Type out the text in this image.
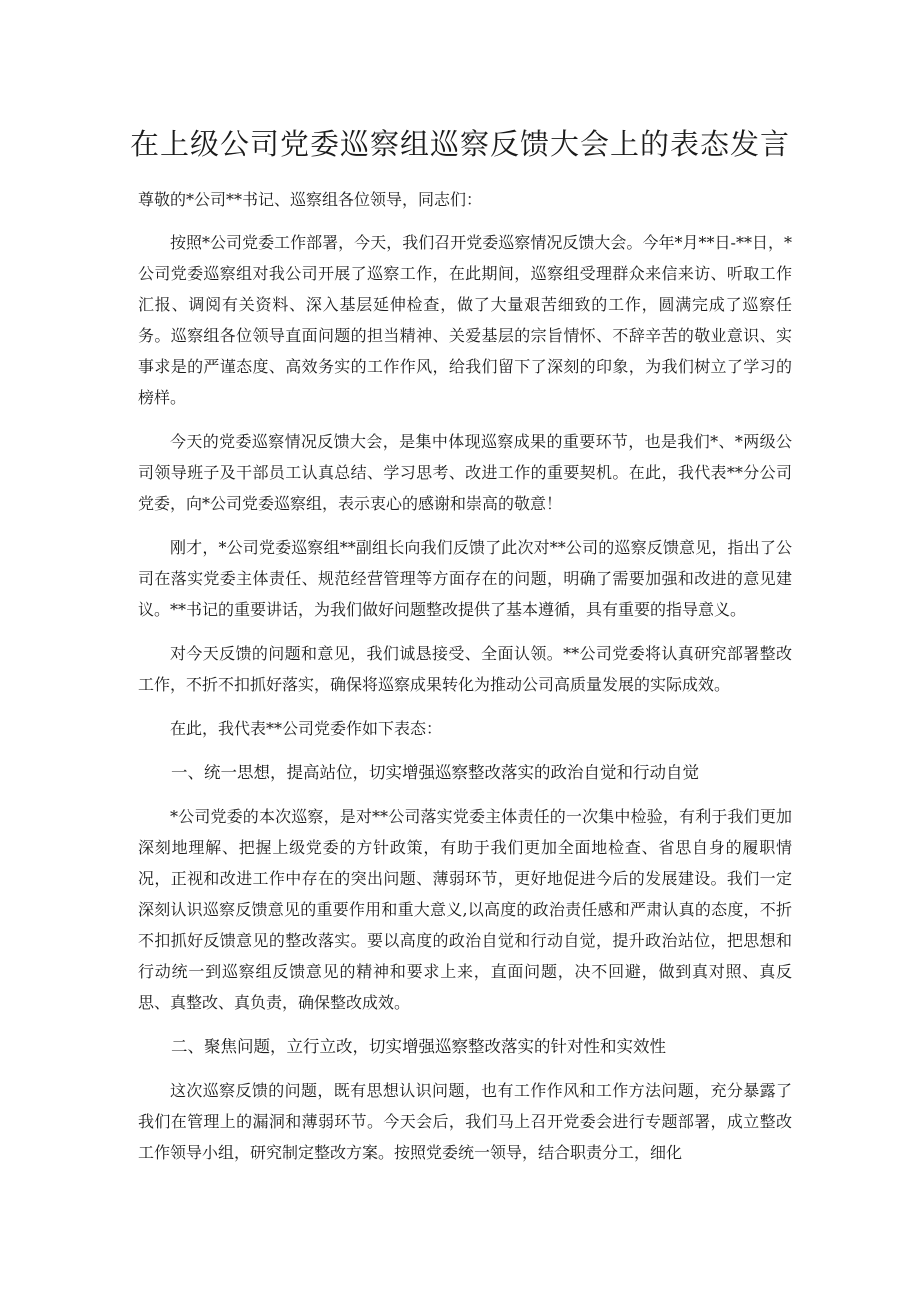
在上级公司党委巡察组巡察反馈大会上的表态发言

尊敬的*公司**书记、巡察组各位领导，同志们：

按照*公司党委工作部署，今天，我们召开党委巡察情况反馈大会。今年*月**日-**日，*公司党委巡察组对我公司开展了巡察工作，在此期间，巡察组受理群众来信来访、听取工作汇报、调阅有关资料、深入基层延伸检查，做了大量艰苦细致的工作，圆满完成了巡察任务。巡察组各位领导直面问题的担当精神、关爱基层的宗旨情怀、不辞辛苦的敬业意识、实事求是的严谨态度、高效务实的工作作风，给我们留下了深刻的印象，为我们树立了学习的榜样。

今天的党委巡察情况反馈大会，是集中体现巡察成果的重要环节，也是我们*、*两级公司领导班子及干部员工认真总结、学习思考、改进工作的重要契机。在此，我代表**分公司党委，向*公司党委巡察组，表示衷心的感谢和崇高的敬意！

刚才，*公司党委巡察组**副组长向我们反馈了此次对**公司的巡察反馈意见，指出了公司在落实党委主体责任、规范经营管理等方面存在的问题，明确了需要加强和改进的意见建议。**书记的重要讲话，为我们做好问题整改提供了基本遵循，具有重要的指导意义。

对今天反馈的问题和意见，我们诚恳接受、全面认领。**公司党委将认真研究部署整改工作，不折不扣抓好落实，确保将巡察成果转化为推动公司高质量发展的实际成效。

在此，我代表**公司党委作如下表态：

一、统一思想，提高站位，切实增强巡察整改落实的政治自觉和行动自觉

*公司党委的本次巡察，是对**公司落实党委主体责任的一次集中检验，有利于我们更加深刻地理解、把握上级党委的方针政策，有助于我们更加全面地检查、省思自身的履职情况，正视和改进工作中存在的突出问题、薄弱环节，更好地促进今后的发展建设。我们一定深刻认识巡察反馈意见的重要作用和重大意义,以高度的政治责任感和严肃认真的态度，不折不扣抓好反馈意见的整改落实。要以高度的政治自觉和行动自觉，提升政治站位，把思想和行动统一到巡察组反馈意见的精神和要求上来，直面问题，决不回避，做到真对照、真反思、真整改、真负责，确保整改成效。

二、聚焦问题，立行立改，切实增强巡察整改落实的针对性和实效性

这次巡察反馈的问题，既有思想认识问题，也有工作作风和工作方法问题，充分暴露了我们在管理上的漏洞和薄弱环节。今天会后，我们马上召开党委会进行专题部署，成立整改工作领导小组，研究制定整改方案。按照党委统一领导，结合职责分工，细化
